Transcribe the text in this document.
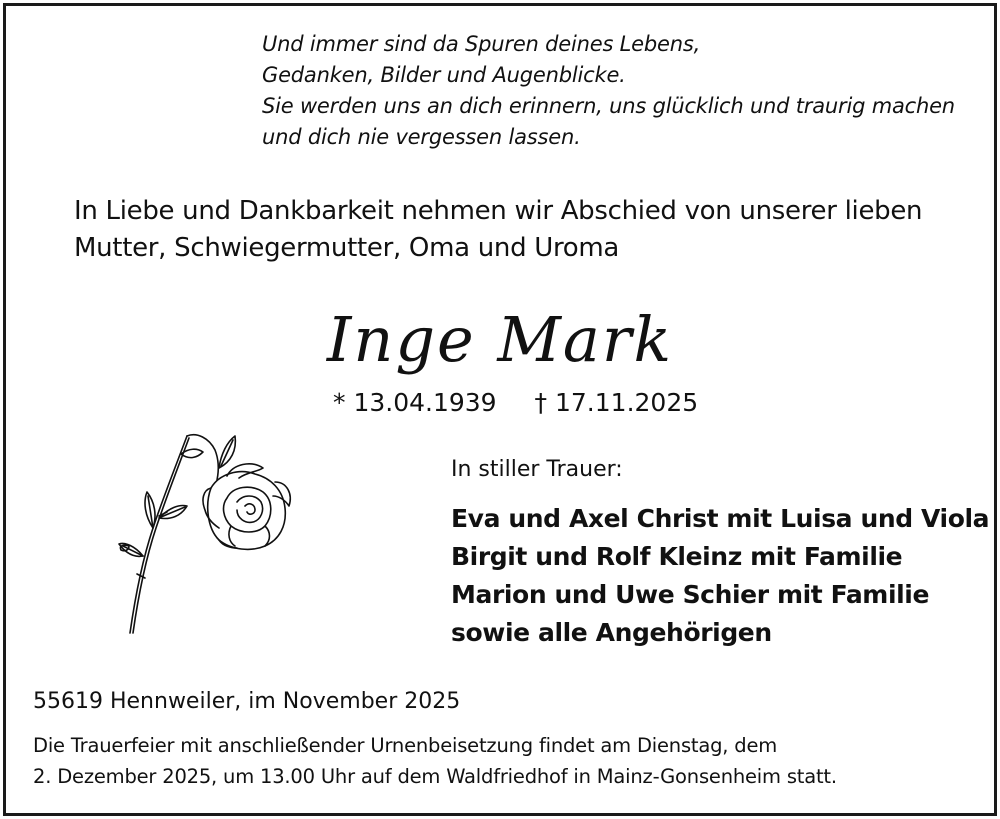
Und immer sind da Spuren deines Lebens,
Gedanken, Bilder und Augenblicke.
Sie werden uns an dich erinnern, uns glücklich und traurig machen
und dich nie vergessen lassen.
In Liebe und Dankbarkeit nehmen wir Abschied von unserer lieben
Mutter, Schwiegermutter, Oma und Uroma
Inge Mark
* 13.04.1939 † 17.11.2025
In stiller Trauer:
Eva und Axel Christ mit Luisa und Viola
Birgit und Rolf Kleinz mit Familie
Marion und Uwe Schier mit Familie
sowie alle Angehörigen
55619 Hennweiler, im November 2025
Die Trauerfeier mit anschließender Urnenbeisetzung findet am Dienstag, dem
2. Dezember 2025, um 13.00 Uhr auf dem Waldfriedhof in Mainz-Gonsenheim statt.
